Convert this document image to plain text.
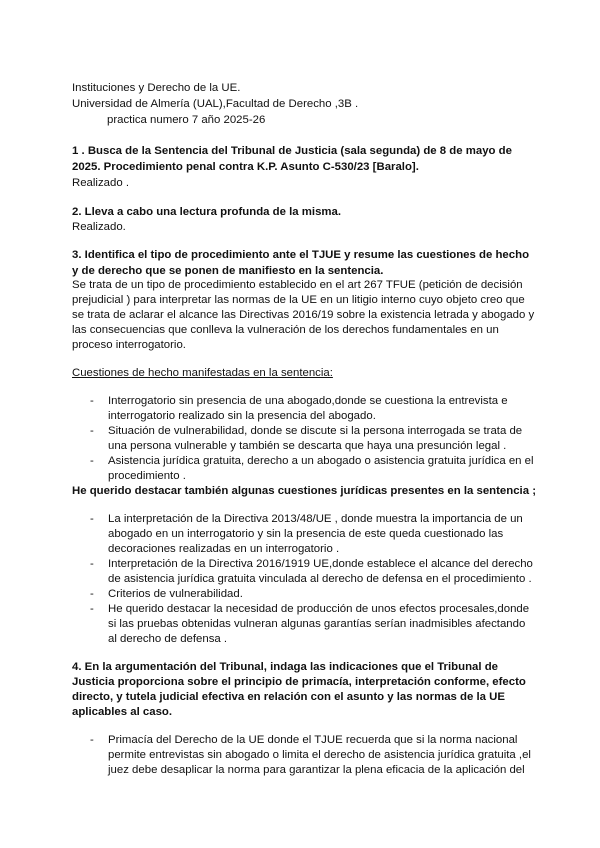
Instituciones y Derecho de la UE.
Universidad de Almería (UAL),Facultad de Derecho ,3B .
practica numero 7 año 2025-26
1 . Busca de la Sentencia del Tribunal de Justicia (sala segunda) de 8 de mayo de
2025. Procedimiento penal contra K.P. Asunto C-530/23 [Baralo].
Realizado .
2. Lleva a cabo una lectura profunda de la misma.
Realizado.
3. Identifica el tipo de procedimiento ante el TJUE y resume las cuestiones de hecho
y de derecho que se ponen de manifiesto en la sentencia.
Se trata de un tipo de procedimiento establecido en el art 267 TFUE (petición de decisión
prejudicial ) para interpretar las normas de la UE en un litigio interno cuyo objeto creo que
se trata de aclarar el alcance las Directivas 2016/19 sobre la existencia letrada y abogado y
las consecuencias que conlleva la vulneración de los derechos fundamentales en un
proceso interrogatorio.
Cuestiones de hecho manifestadas en la sentencia:
- Interrogatorio sin presencia de una abogado,donde se cuestiona la entrevista e
interrogatorio realizado sin la presencia del abogado.
- Situación de vulnerabilidad, donde se discute si la persona interrogada se trata de
una persona vulnerable y también se descarta que haya una presunción legal .
- Asistencia jurídica gratuita, derecho a un abogado o asistencia gratuita jurídica en el
procedimiento .
He querido destacar también algunas cuestiones jurídicas presentes en la sentencia ;
- La interpretación de la Directiva 2013/48/UE , donde muestra la importancia de un
abogado en un interrogatorio y sin la presencia de este queda cuestionado las
decoraciones realizadas en un interrogatorio .
- Interpretación de la Directiva 2016/1919 UE,donde establece el alcance del derecho
de asistencia jurídica gratuita vinculada al derecho de defensa en el procedimiento .
- Criterios de vulnerabilidad.
- He querido destacar la necesidad de producción de unos efectos procesales,donde
si las pruebas obtenidas vulneran algunas garantías serían inadmisibles afectando
al derecho de defensa .
4. En la argumentación del Tribunal, indaga las indicaciones que el Tribunal de
Justicia proporciona sobre el principio de primacía, interpretación conforme, efecto
directo, y tutela judicial efectiva en relación con el asunto y las normas de la UE
aplicables al caso.
- Primacía del Derecho de la UE donde el TJUE recuerda que si la norma nacional
permite entrevistas sin abogado o limita el derecho de asistencia jurídica gratuita ,el
juez debe desaplicar la norma para garantizar la plena eficacia de la aplicación del
